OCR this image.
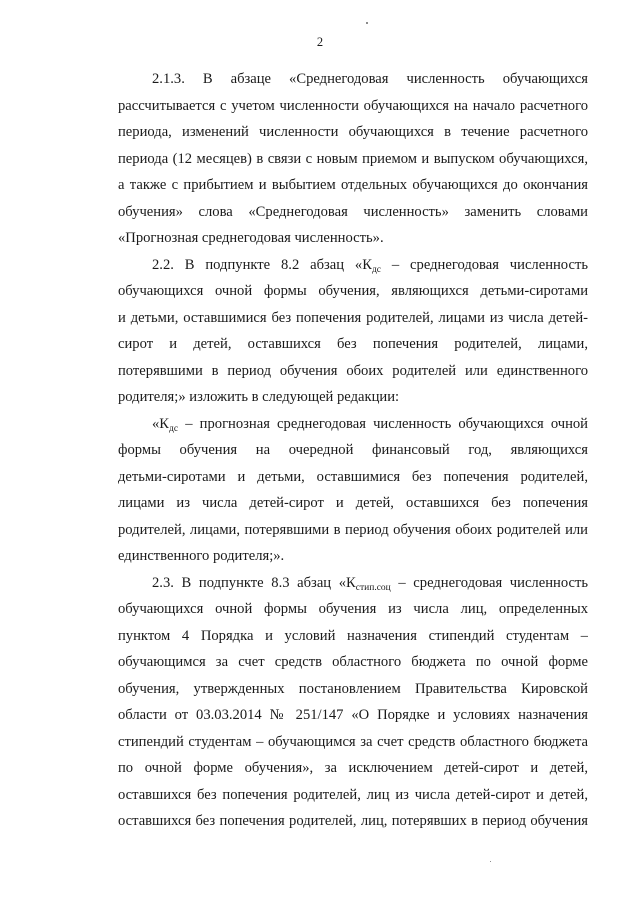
2
2.1.3. В абзаце «Среднегодовая численность обучающихся
рассчитывается с учетом численности обучающихся на начало расчетного
периода, изменений численности обучающихся в течение расчетного
периода (12 месяцев) в связи с новым приемом и выпуском обучающихся,
а также с прибытием и выбытием отдельных обучающихся до окончания
обучения» слова «Среднегодовая численность» заменить словами
«Прогнозная среднегодовая численность».
2.2. В подпункте 8.2 абзац «$К_{дс}$ – среднегодовая численность
обучающихся очной формы обучения, являющихся детьми-сиротами
и детьми, оставшимися без попечения родителей, лицами из числа детей-
сирот и детей, оставшихся без попечения родителей, лицами,
потерявшими в период обучения обоих родителей или единственного
родителя;» изложить в следующей редакции:
«$К_{дс}$ – прогнозная среднегодовая численность обучающихся очной
формы обучения на очередной финансовый год, являющихся
детьми-сиротами и детьми, оставшимися без попечения родителей,
лицами из числа детей-сирот и детей, оставшихся без попечения
родителей, лицами, потерявшими в период обучения обоих родителей или
единственного родителя;».
2.3. В подпункте 8.3 абзац «$К_{стип.соц}$ – среднегодовая численность
обучающихся очной формы обучения из числа лиц, определенных
пунктом 4 Порядка и условий назначения стипендий студентам –
обучающимся за счет средств областного бюджета по очной форме
обучения, утвержденных постановлением Правительства Кировской
области от 03.03.2014 № 251/147 «О Порядке и условиях назначения
стипендий студентам – обучающимся за счет средств областного бюджета
по очной форме обучения», за исключением детей-сирот и детей,
оставшихся без попечения родителей, лиц из числа детей-сирот и детей,
оставшихся без попечения родителей, лиц, потерявших в период обучения
